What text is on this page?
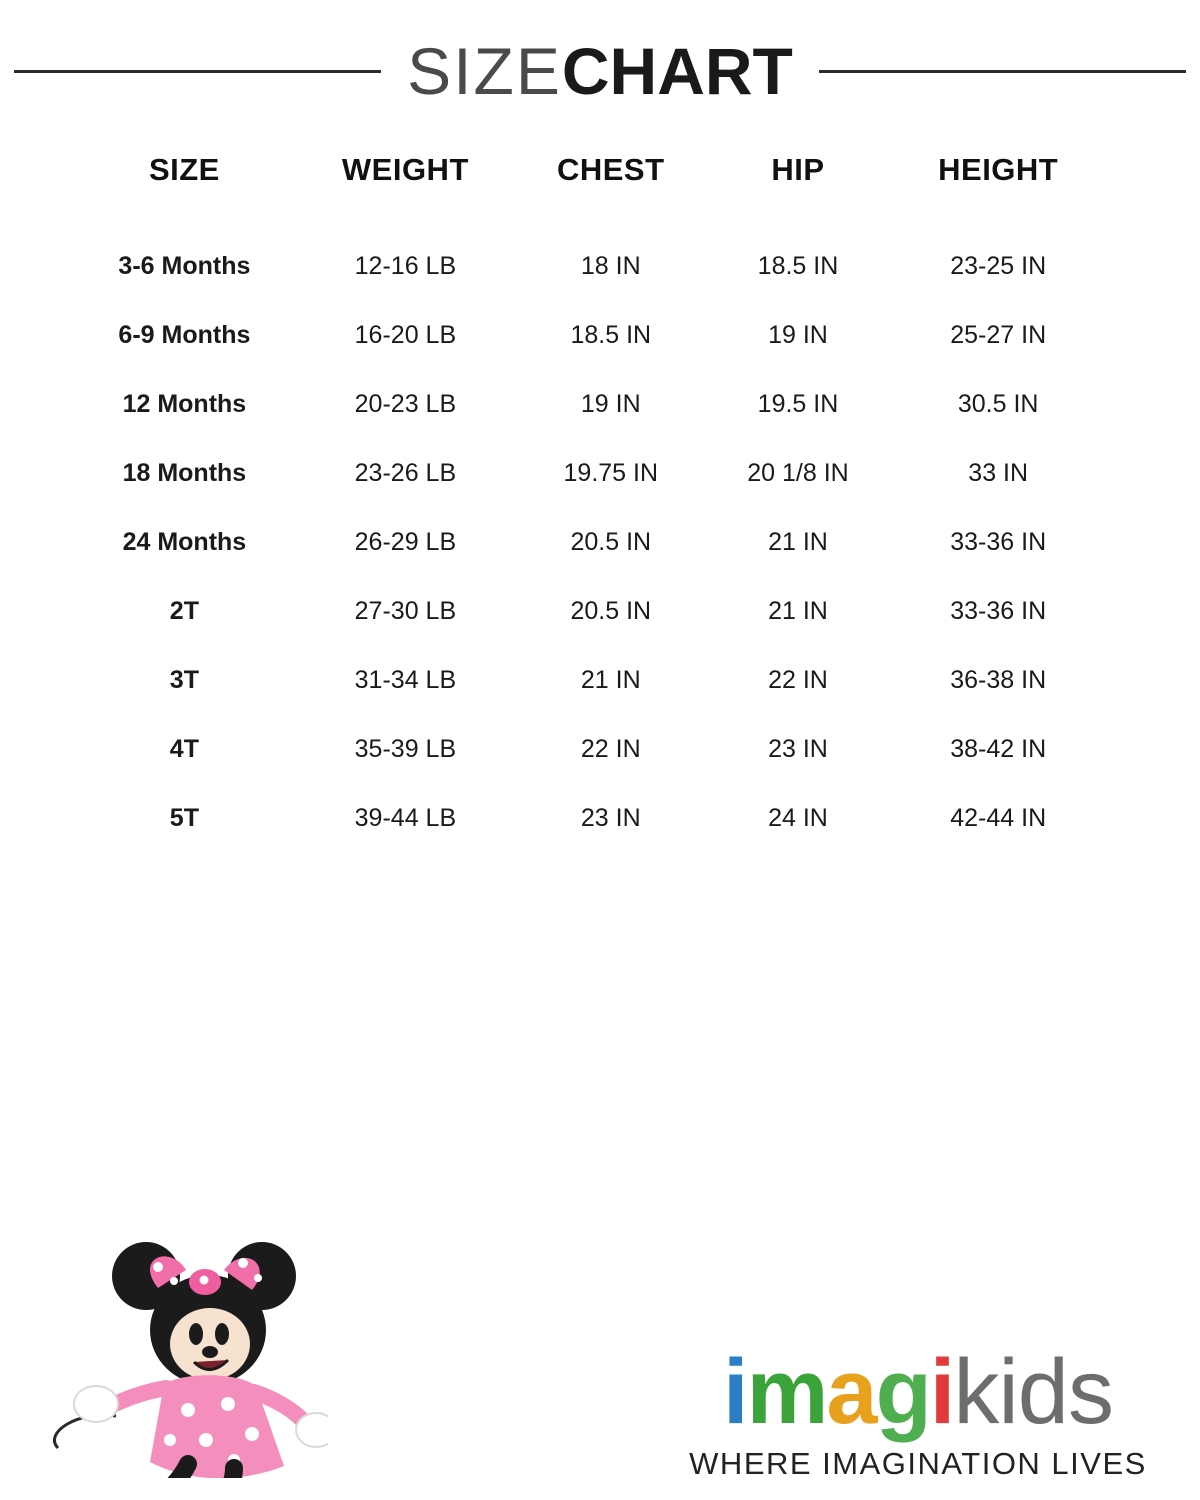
SIZECHART
SIZE	WEIGHT	CHEST	HIP	HEIGHT
3-6 Months	12-16 LB	18 IN	18.5 IN	23-25 IN
6-9 Months	16-20 LB	18.5 IN	19 IN	25-27 IN
12 Months	20-23 LB	19 IN	19.5 IN	30.5 IN
18 Months	23-26 LB	19.75 IN	20 1/8 IN	33 IN
24 Months	26-29 LB	20.5 IN	21 IN	33-36 IN
2T	27-30 LB	20.5 IN	21 IN	33-36 IN
3T	31-34 LB	21 IN	22 IN	36-38 IN
4T	35-39 LB	22 IN	23 IN	38-42 IN
5T	39-44 LB	23 IN	24 IN	42-44 IN
imagikids
WHERE IMAGINATION LIVES
